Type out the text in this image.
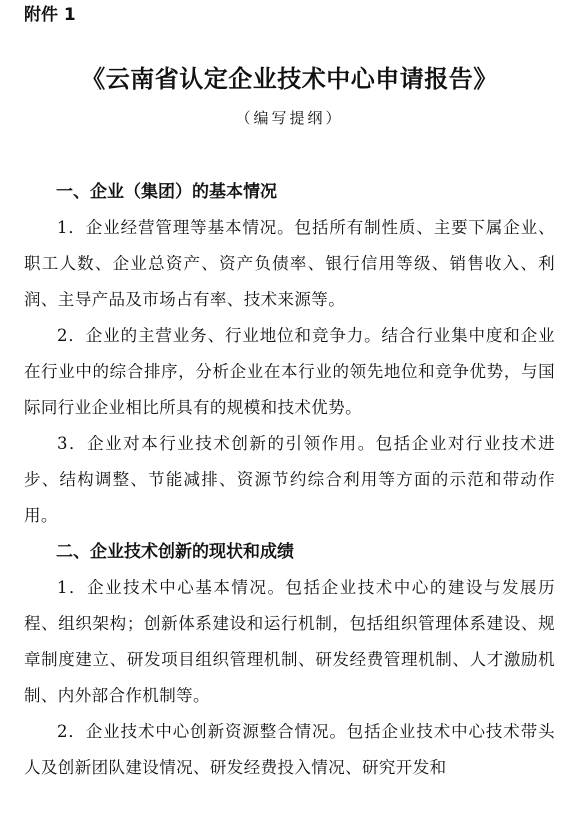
附件 1

《云南省认定企业技术中心申请报告》

（编写提纲）

一、企业（集团）的基本情况

1．企业经营管理等基本情况。包括所有制性质、主要下属企业、职工人数、企业总资产、资产负债率、银行信用等级、销售收入、利润、主导产品及市场占有率、技术来源等。

2．企业的主营业务、行业地位和竞争力。结合行业集中度和企业在行业中的综合排序，分析企业在本行业的领先地位和竞争优势，与国际同行业企业相比所具有的规模和技术优势。

3．企业对本行业技术创新的引领作用。包括企业对行业技术进步、结构调整、节能减排、资源节约综合利用等方面的示范和带动作用。

二、企业技术创新的现状和成绩

1．企业技术中心基本情况。包括企业技术中心的建设与发展历程、组织架构；创新体系建设和运行机制，包括组织管理体系建设、规章制度建立、研发项目组织管理机制、研发经费管理机制、人才激励机制、内外部合作机制等。

2．企业技术中心创新资源整合情况。包括企业技术中心技术带头人及创新团队建设情况、研发经费投入情况、研究开发和
